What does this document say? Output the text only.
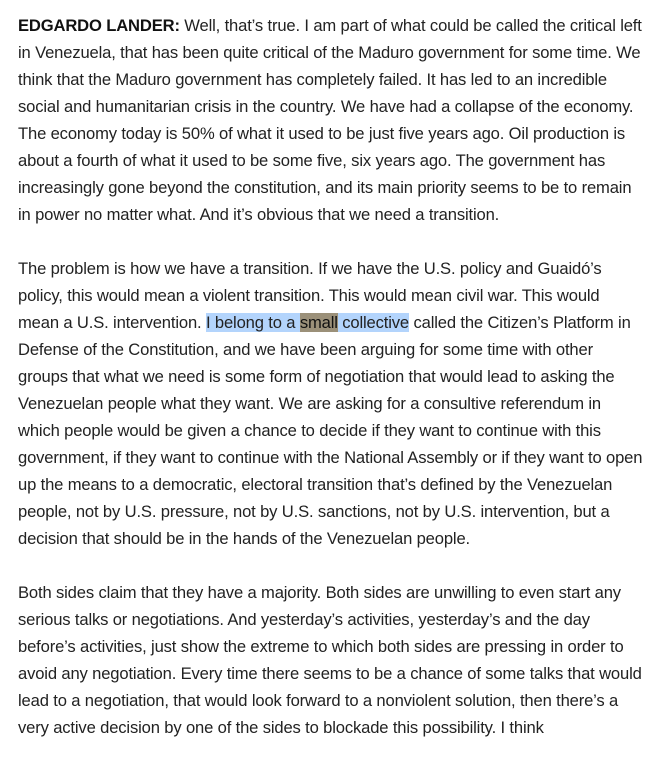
EDGARDO LANDER: Well, that’s true. I am part of what could be called the critical left in Venezuela, that has been quite critical of the Maduro government for some time. We think that the Maduro government has completely failed. It has led to an incredible social and humanitarian crisis in the country. We have had a collapse of the economy. The economy today is 50% of what it used to be just five years ago. Oil production is about a fourth of what it used to be some five, six years ago. The government has increasingly gone beyond the constitution, and its main priority seems to be to remain in power no matter what. And it’s obvious that we need a transition.

The problem is how we have a transition. If we have the U.S. policy and Guaidó’s policy, this would mean a violent transition. This would mean civil war. This would mean a U.S. intervention. I belong to a small collective called the Citizen’s Platform in Defense of the Constitution, and we have been arguing for some time with other groups that what we need is some form of negotiation that would lead to asking the Venezuelan people what they want. We are asking for a consultive referendum in which people would be given a chance to decide if they want to continue with this government, if they want to continue with the National Assembly or if they want to open up the means to a democratic, electoral transition that’s defined by the Venezuelan people, not by U.S. pressure, not by U.S. sanctions, not by U.S. intervention, but a decision that should be in the hands of the Venezuelan people.

Both sides claim that they have a majority. Both sides are unwilling to even start any serious talks or negotiations. And yesterday’s activities, yesterday’s and the day before’s activities, just show the extreme to which both sides are pressing in order to avoid any negotiation. Every time there seems to be a chance of some talks that would lead to a negotiation, that would look forward to a nonviolent solution, then there’s a very active decision by one of the sides to blockade this possibility. I think
